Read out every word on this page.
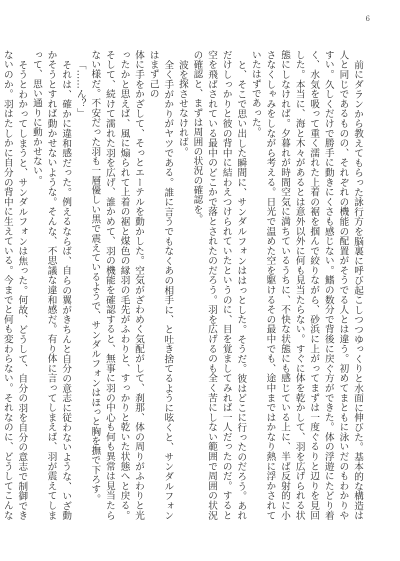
6

前にダランから教えてもらった詠行方を脳裏に呼び起こしつつゆっくりと水面に伸びた。基本的な構造は人と同じであるものの、それぞれの機能の配置がそうでる人とは違う。初めてまともに泳いだのもわかりやすい。久しくだけで勝手に動きにくさも感じない。鰭の数分で背後に戻ぐ方ができた。体の浮遊にたどり着く、水気を吸って重く濡れた上着の裾を掴んで絞りながら、砂浜に上がってまずは一度ぐるりと辺りを見回した。本当に、海と木々があるとは意外以外に何も見当たらない。すぐに体を乾かして、羽を広げられる状態にしなければ。夕暮れが時間空気に満ちているうちに、不快な状態にも感じている上に、半ば反射的に小さなくしゃみをしながら考える。日光で温めた空を駆けるその最中でも、途中まではかなり熱に浮かされていたはずであった。

と、そこで思い出した瞬間に、サンダルフォンははっとした。そうだ。彼はどこに行ったのだろう。あれだけしっかりと彼の背中に結わえつけられていたというのに、目を覚ましてみれば一人だったのだ。すると空を飛ばされている最中のどこかで落とされたのだろう。羽を広げるのも全く苦にしない範囲で周囲の状況の確認と、まずは周囲の状況の確認を。

波を探させなければ。

全く手がかりがヤツである。誰に言うでもなくあの相手に、と吐き捨てるように呟くと、サンダルフォンはまず己の

体に手をかざして、そっとエーテルを動かした。空気がざわめく気配がして、刹那、体の周りがふわりと光ったかと思えば、風に煽られて上着の裾と煤色の縁羽の毛先がふわりと、すっかりと乾いた状態へと戻る。そして、続けて濡れた羽を広げ、誰かめて、羽の機能を確認すると、無事に羽の中心も何も異常は見当たらない様だ。不安だった羽も一層優しい黒で震えているようで、サンダルフォンはほっと胸を撫で下ろす。

「……ん？」

それは、確かに違和感だった。例えるならば、自らの翼がきちんと自分の意志に従わないような、いざ動かそうとすれば動かせないような。そんな、不思議な違和感だ。有り体に言ってしまえば、羽が震えてしまって、思い通りに動かせない。

そうとわかってしまうと、サンダルフォンは焦った。何故、どうして、自分の羽を自分の意志で制御できないのか。羽はたしかに自分の背中に生えている。今までと何も変わらない。それなのに、どうしてこんな
